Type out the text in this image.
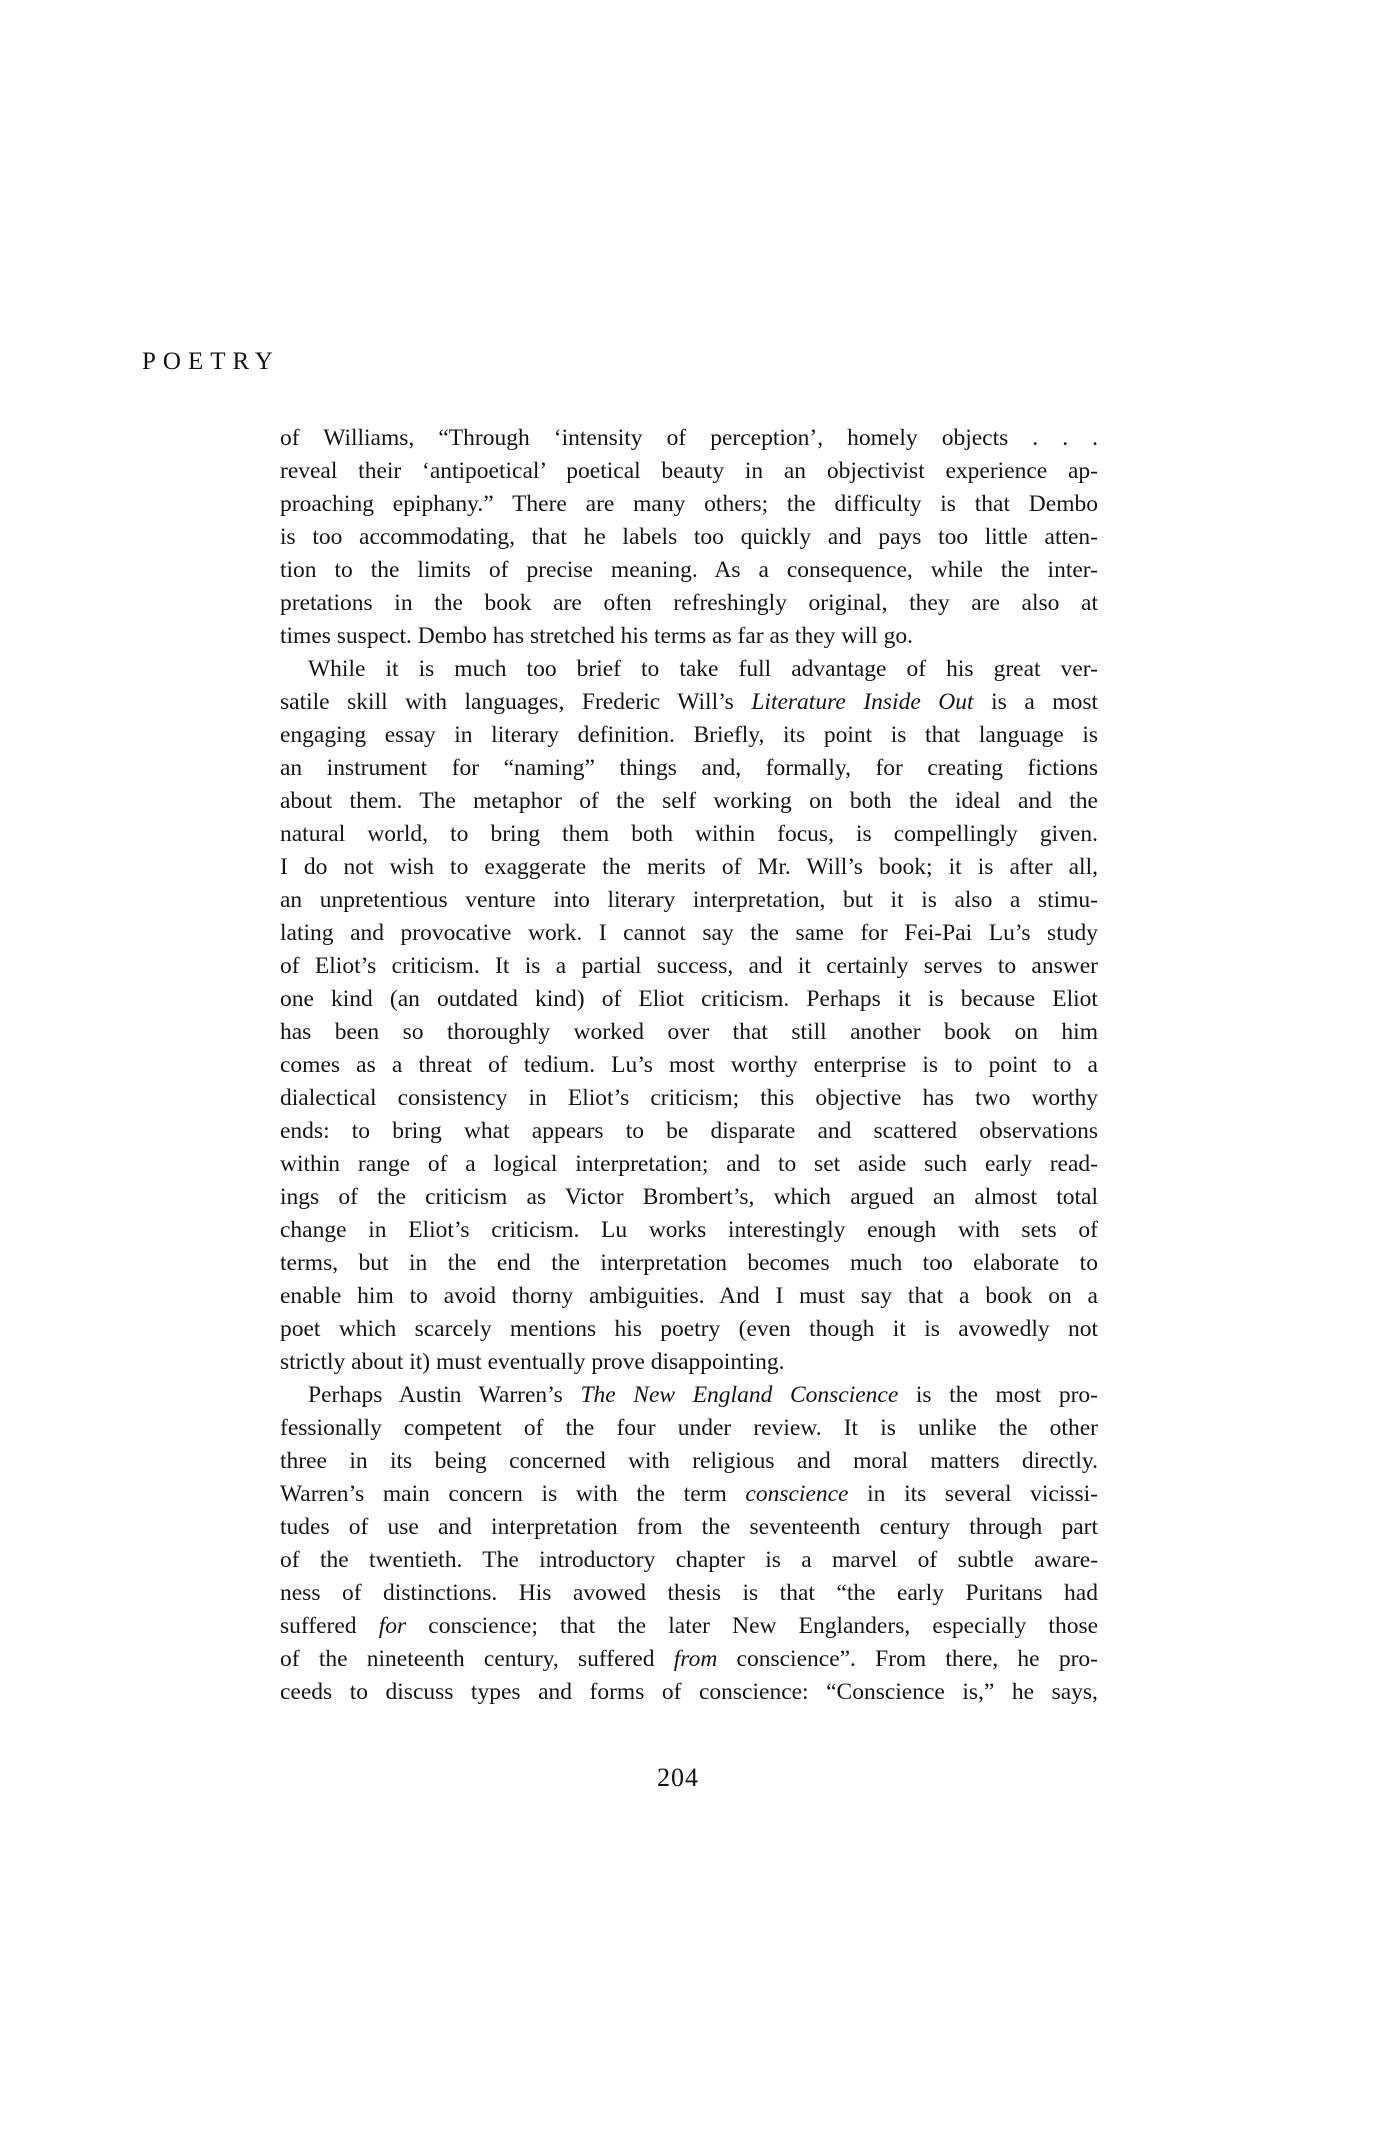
POETRY
of Williams, “Through ‘intensity of perception’, homely objects . . .
reveal their ‘antipoetical’ poetical beauty in an objectivist experience ap-
proaching epiphany.” There are many others; the difficulty is that Dembo
is too accommodating, that he labels too quickly and pays too little atten-
tion to the limits of precise meaning. As a consequence, while the inter-
pretations in the book are often refreshingly original, they are also at
times suspect. Dembo has stretched his terms as far as they will go.
While it is much too brief to take full advantage of his great ver-
satile skill with languages, Frederic Will’s Literature Inside Out is a most
engaging essay in literary definition. Briefly, its point is that language is
an instrument for “naming” things and, formally, for creating fictions
about them. The metaphor of the self working on both the ideal and the
natural world, to bring them both within focus, is compellingly given.
I do not wish to exaggerate the merits of Mr. Will’s book; it is after all,
an unpretentious venture into literary interpretation, but it is also a stimu-
lating and provocative work. I cannot say the same for Fei-Pai Lu’s study
of Eliot’s criticism. It is a partial success, and it certainly serves to answer
one kind (an outdated kind) of Eliot criticism. Perhaps it is because Eliot
has been so thoroughly worked over that still another book on him
comes as a threat of tedium. Lu’s most worthy enterprise is to point to a
dialectical consistency in Eliot’s criticism; this objective has two worthy
ends: to bring what appears to be disparate and scattered observations
within range of a logical interpretation; and to set aside such early read-
ings of the criticism as Victor Brombert’s, which argued an almost total
change in Eliot’s criticism. Lu works interestingly enough with sets of
terms, but in the end the interpretation becomes much too elaborate to
enable him to avoid thorny ambiguities. And I must say that a book on a
poet which scarcely mentions his poetry (even though it is avowedly not
strictly about it) must eventually prove disappointing.
Perhaps Austin Warren’s The New England Conscience is the most pro-
fessionally competent of the four under review. It is unlike the other
three in its being concerned with religious and moral matters directly.
Warren’s main concern is with the term conscience in its several vicissi-
tudes of use and interpretation from the seventeenth century through part
of the twentieth. The introductory chapter is a marvel of subtle aware-
ness of distinctions. His avowed thesis is that “the early Puritans had
suffered for conscience; that the later New Englanders, especially those
of the nineteenth century, suffered from conscience”. From there, he pro-
ceeds to discuss types and forms of conscience: “Conscience is,” he says,
204
